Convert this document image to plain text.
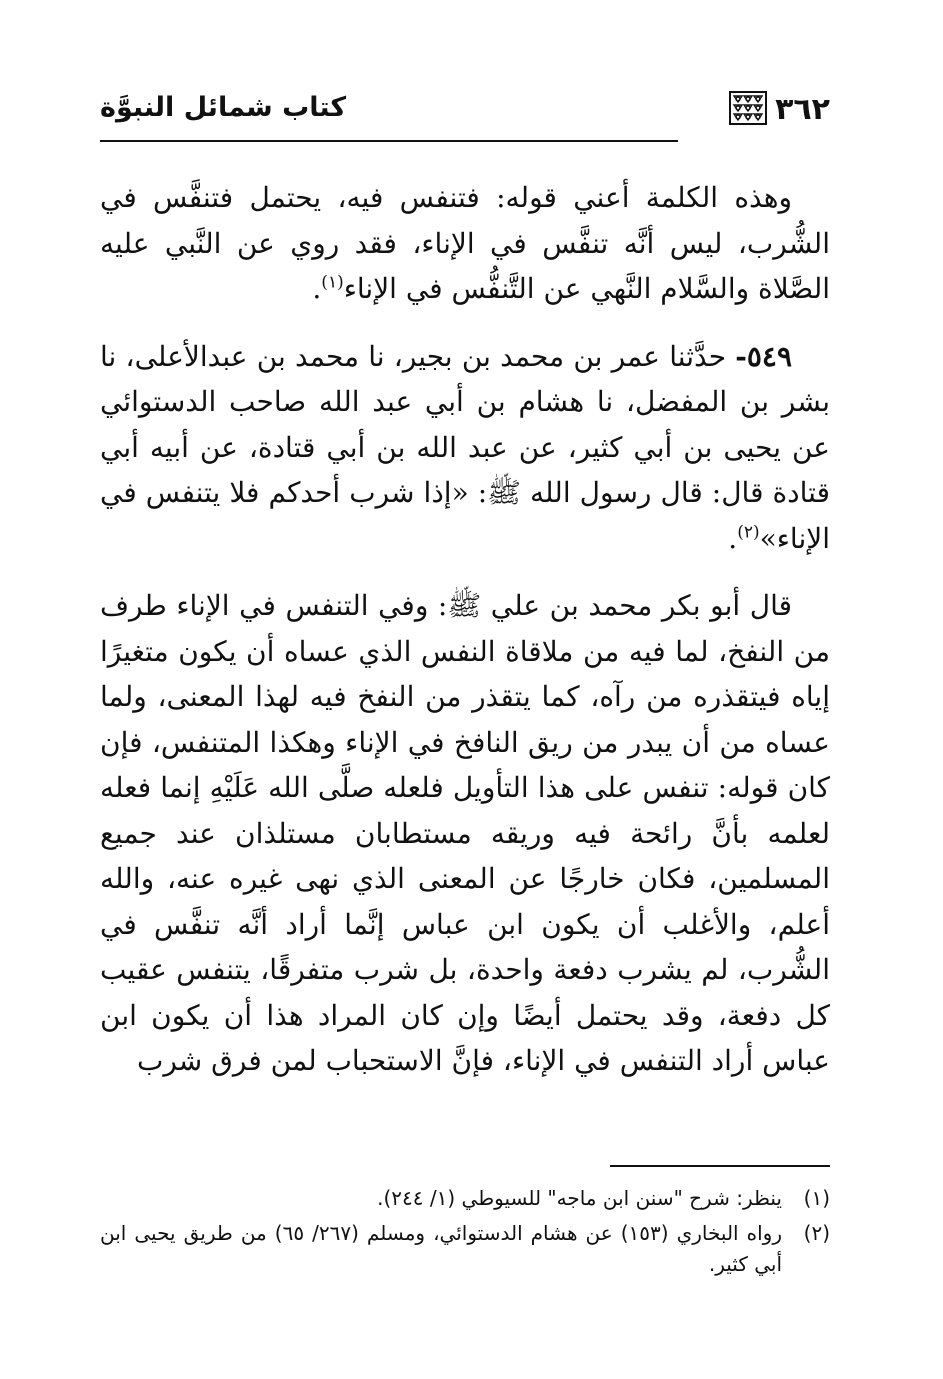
٣٦٢
كتاب شمائل النبوَّة

وهذه الكلمة أعني قوله: فتنفس فيه، يحتمل فتنفَّس في الشُّرب، ليس أنَّه تنفَّس في الإناء، فقد روي عن النَّبي عليه الصَّلاة والسَّلام النَّهي عن التَّنفُّس في الإناء$^{(١)}$.

٥٤٩- حدَّثنا عمر بن محمد بن بجير، نا محمد بن عبدالأعلى، نا بشر بن المفضل، نا هشام بن أبي عبد الله صاحب الدستوائي عن يحيى بن أبي كثير، عن عبد الله بن أبي قتادة، عن أبيه أبي قتادة قال: قال رسول الله ﷺ: «إذا شرب أحدكم فلا يتنفس في الإناء»$^{(٢)}$.

قال أبو بكر محمد بن علي ﷺ: وفي التنفس في الإناء طرف من النفخ، لما فيه من ملاقاة النفس الذي عساه أن يكون متغيرًا إياه فيتقذره من رآه، كما يتقذر من النفخ فيه لهذا المعنى، ولما عساه من أن يبدر من ريق النافخ في الإناء وهكذا المتنفس، فإن كان قوله: تنفس على هذا التأويل فلعله صلَّى الله عَلَيْهِ إنما فعله لعلمه بأنَّ رائحة فيه وريقه مستطابان مستلذان عند جميع المسلمين، فكان خارجًا عن المعنى الذي نهى غيره عنه، والله أعلم، والأغلب أن يكون ابن عباس إنَّما أراد أنَّه تنفَّس في الشُّرب، لم يشرب دفعة واحدة، بل شرب متفرقًا، يتنفس عقيب كل دفعة، وقد يحتمل أيضًا وإن كان المراد هذا أن يكون ابن عباس أراد التنفس في الإناء، فإنَّ الاستحباب لمن فرق شرب

(١)
ينظر: شرح "سنن ابن ماجه" للسيوطي (١/ ٢٤٤).

(٢)
رواه البخاري (١٥٣) عن هشام الدستوائي، ومسلم (٢٦٧/ ٦٥) من طريق يحيى ابن أبي كثير.
